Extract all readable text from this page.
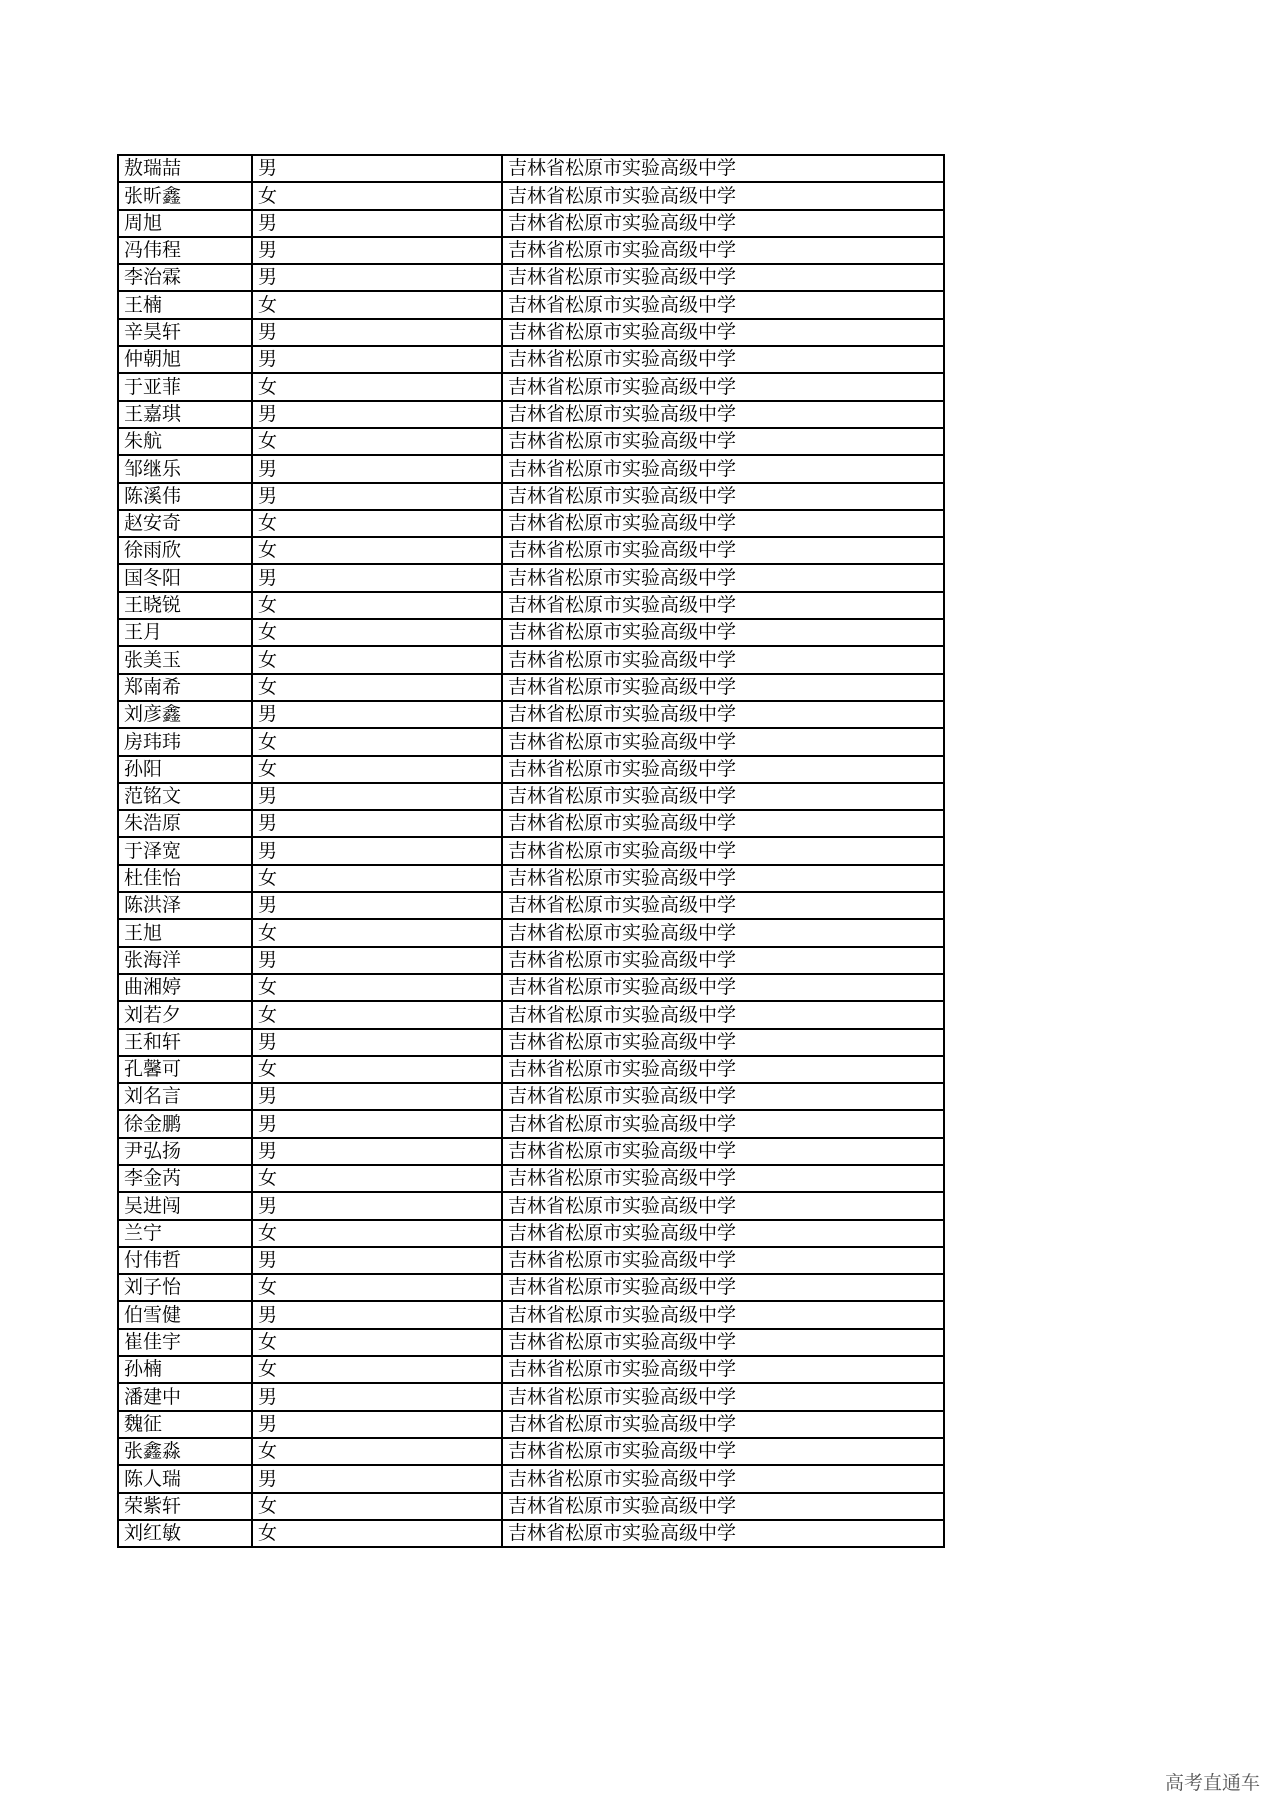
敖瑞喆	男	吉林省松原市实验高级中学
张昕鑫	女	吉林省松原市实验高级中学
周旭	男	吉林省松原市实验高级中学
冯伟程	男	吉林省松原市实验高级中学
李治霖	男	吉林省松原市实验高级中学
王楠	女	吉林省松原市实验高级中学
辛昊轩	男	吉林省松原市实验高级中学
仲朝旭	男	吉林省松原市实验高级中学
于亚菲	女	吉林省松原市实验高级中学
王嘉琪	男	吉林省松原市实验高级中学
朱航	女	吉林省松原市实验高级中学
邹继乐	男	吉林省松原市实验高级中学
陈溪伟	男	吉林省松原市实验高级中学
赵安奇	女	吉林省松原市实验高级中学
徐雨欣	女	吉林省松原市实验高级中学
国冬阳	男	吉林省松原市实验高级中学
王晓锐	女	吉林省松原市实验高级中学
王月	女	吉林省松原市实验高级中学
张美玉	女	吉林省松原市实验高级中学
郑南希	女	吉林省松原市实验高级中学
刘彦鑫	男	吉林省松原市实验高级中学
房玮玮	女	吉林省松原市实验高级中学
孙阳	女	吉林省松原市实验高级中学
范铭文	男	吉林省松原市实验高级中学
朱浩原	男	吉林省松原市实验高级中学
于泽宽	男	吉林省松原市实验高级中学
杜佳怡	女	吉林省松原市实验高级中学
陈洪泽	男	吉林省松原市实验高级中学
王旭	女	吉林省松原市实验高级中学
张海洋	男	吉林省松原市实验高级中学
曲湘婷	女	吉林省松原市实验高级中学
刘若夕	女	吉林省松原市实验高级中学
王和轩	男	吉林省松原市实验高级中学
孔馨可	女	吉林省松原市实验高级中学
刘名言	男	吉林省松原市实验高级中学
徐金鹏	男	吉林省松原市实验高级中学
尹弘扬	男	吉林省松原市实验高级中学
李金芮	女	吉林省松原市实验高级中学
吴进闯	男	吉林省松原市实验高级中学
兰宁	女	吉林省松原市实验高级中学
付伟哲	男	吉林省松原市实验高级中学
刘子怡	女	吉林省松原市实验高级中学
伯雪健	男	吉林省松原市实验高级中学
崔佳宇	女	吉林省松原市实验高级中学
孙楠	女	吉林省松原市实验高级中学
潘建中	男	吉林省松原市实验高级中学
魏征	男	吉林省松原市实验高级中学
张鑫淼	女	吉林省松原市实验高级中学
陈人瑞	男	吉林省松原市实验高级中学
荣紫轩	女	吉林省松原市实验高级中学
刘红敏	女	吉林省松原市实验高级中学
高考直通车
